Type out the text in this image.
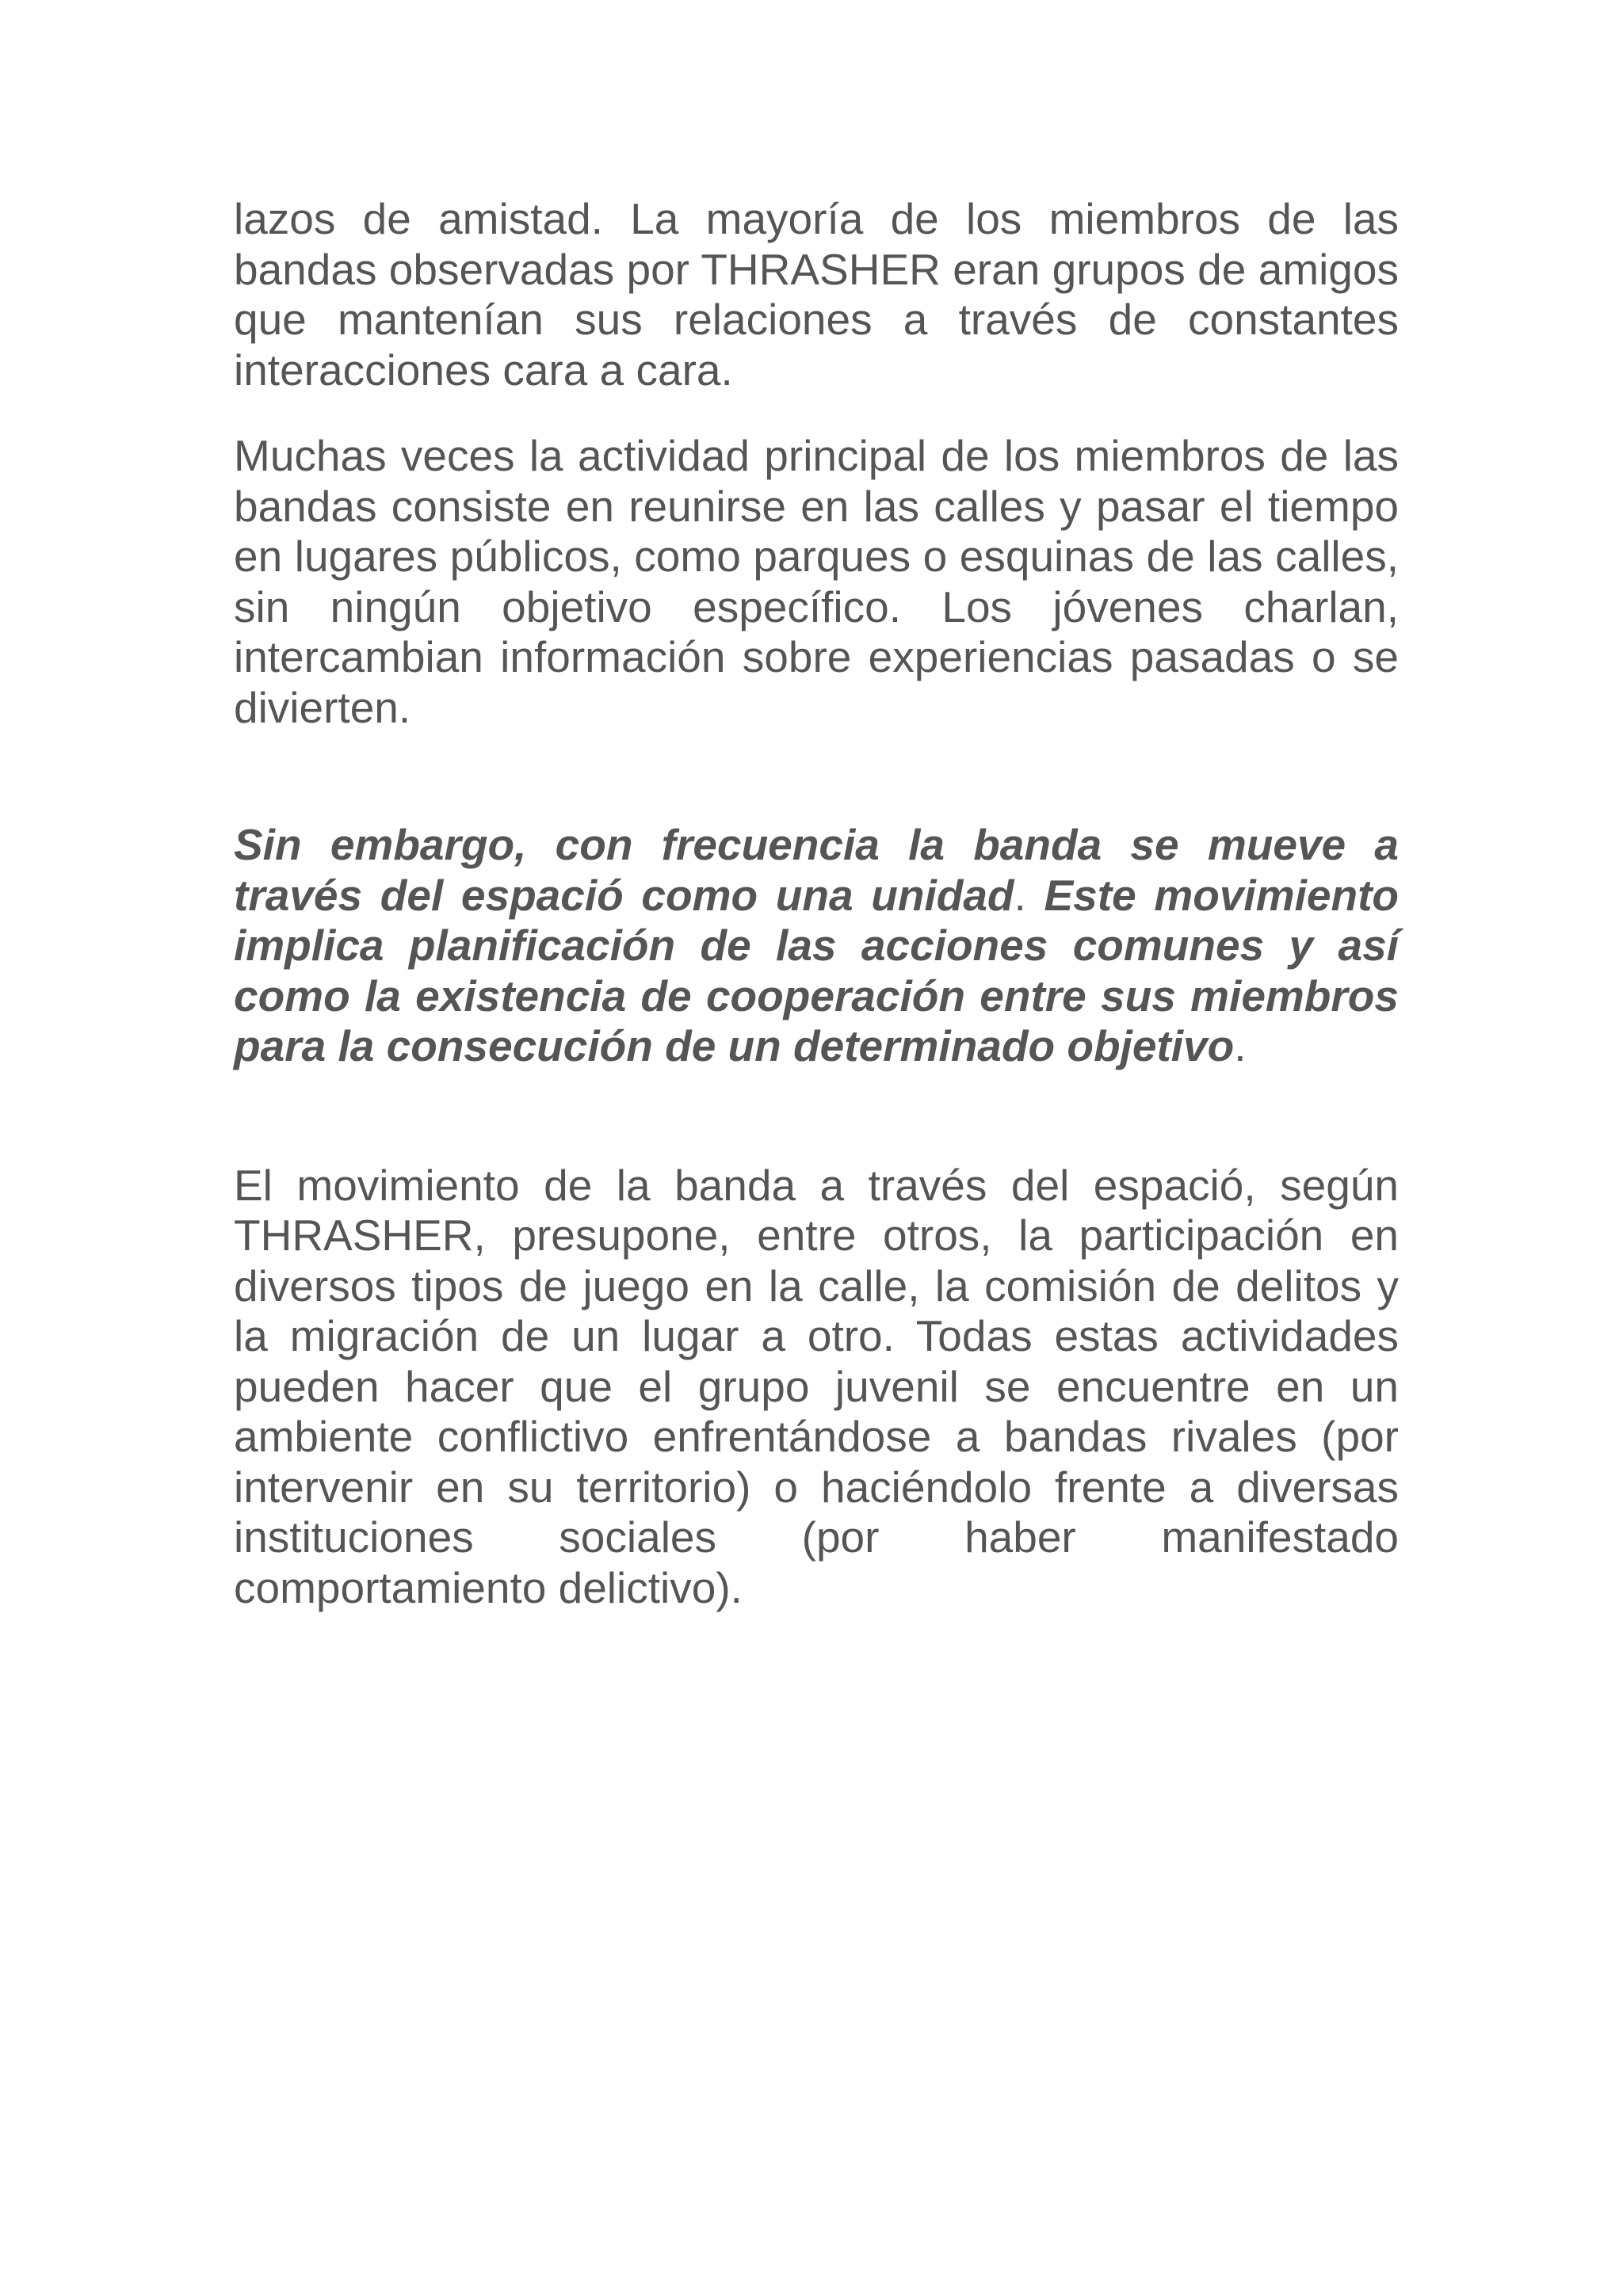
lazos de amistad. La mayoría de los miembros de las bandas observadas por THRASHER eran grupos de amigos que mantenían sus relaciones a través de constantes interacciones cara a cara.

Muchas veces la actividad principal de los miembros de las bandas consiste en reunirse en las calles y pasar el tiempo en lugares públicos, como parques o esquinas de las calles, sin ningún objetivo específico. Los jóvenes charlan, intercambian información sobre experiencias pasadas o se divierten.

Sin embargo, con frecuencia la banda se mueve a través del espació como una unidad. Este movimiento implica planificación de las acciones comunes y así como la existencia de cooperación entre sus miembros para la consecución de un determinado objetivo.

El movimiento de la banda a través del espació, según THRASHER, presupone, entre otros, la participación en diversos tipos de juego en la calle, la comisión de delitos y la migración de un lugar a otro. Todas estas actividades pueden hacer que el grupo juvenil se encuentre en un ambiente conflictivo enfrentándose a bandas rivales (por intervenir en su territorio) o haciéndolo frente a diversas instituciones sociales (por haber manifestado comportamiento delictivo).
